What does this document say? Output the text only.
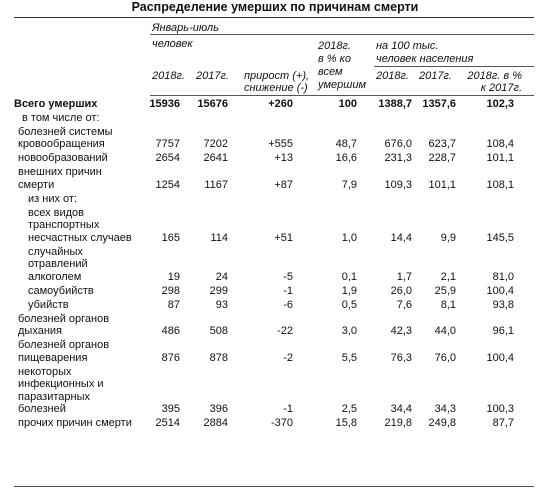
Распределение умерших по причинам смерти
Январь-июль
человек
2018г. 2017г. прирост (+),
снижение (-)
2018г.
в % ко
всем
умершим
на 100 тыс.
человек населения
2018г. 2017г. 2018г. в %
к 2017г.
Всего умерших	15936 15676	+260	100 1388,7 1357,6	102,3
в том числе от:
болезней системы
кровообращения	7757 7202	+555	48,7 676,0 623,7	108,4
новообразований	2654 2641	+13	16,6 231,3 228,7	101,1
внешних причин
смерти	1254 1167	+87	7,9 109,3 101,1	108,1
из них от:
всех видов
транспортных
несчастных случаев	165	114	+51	1,0	14,4	9,9	145,5
случайных
отравлений
алкоголем	19	24	-5	0,1	1,7	2,1	81,0
самоубийств	298	299	-1	1,9	26,0 25,9	100,4
убийств	87	93	-6	0,5	7,6	8,1	93,8
болезней органов
дыхания	486	508	-22	3,0	42,3 44,0	96,1
болезней органов
пищеварения	876	878	-2	5,5	76,3 76,0	100,4
некоторых
инфекционных и
паразитарных
болезней	395	396	-1	2,5	34,4 34,3	100,3
прочих причин смерти 2514 2884	-370	15,8 219,8 249,8	87,7
